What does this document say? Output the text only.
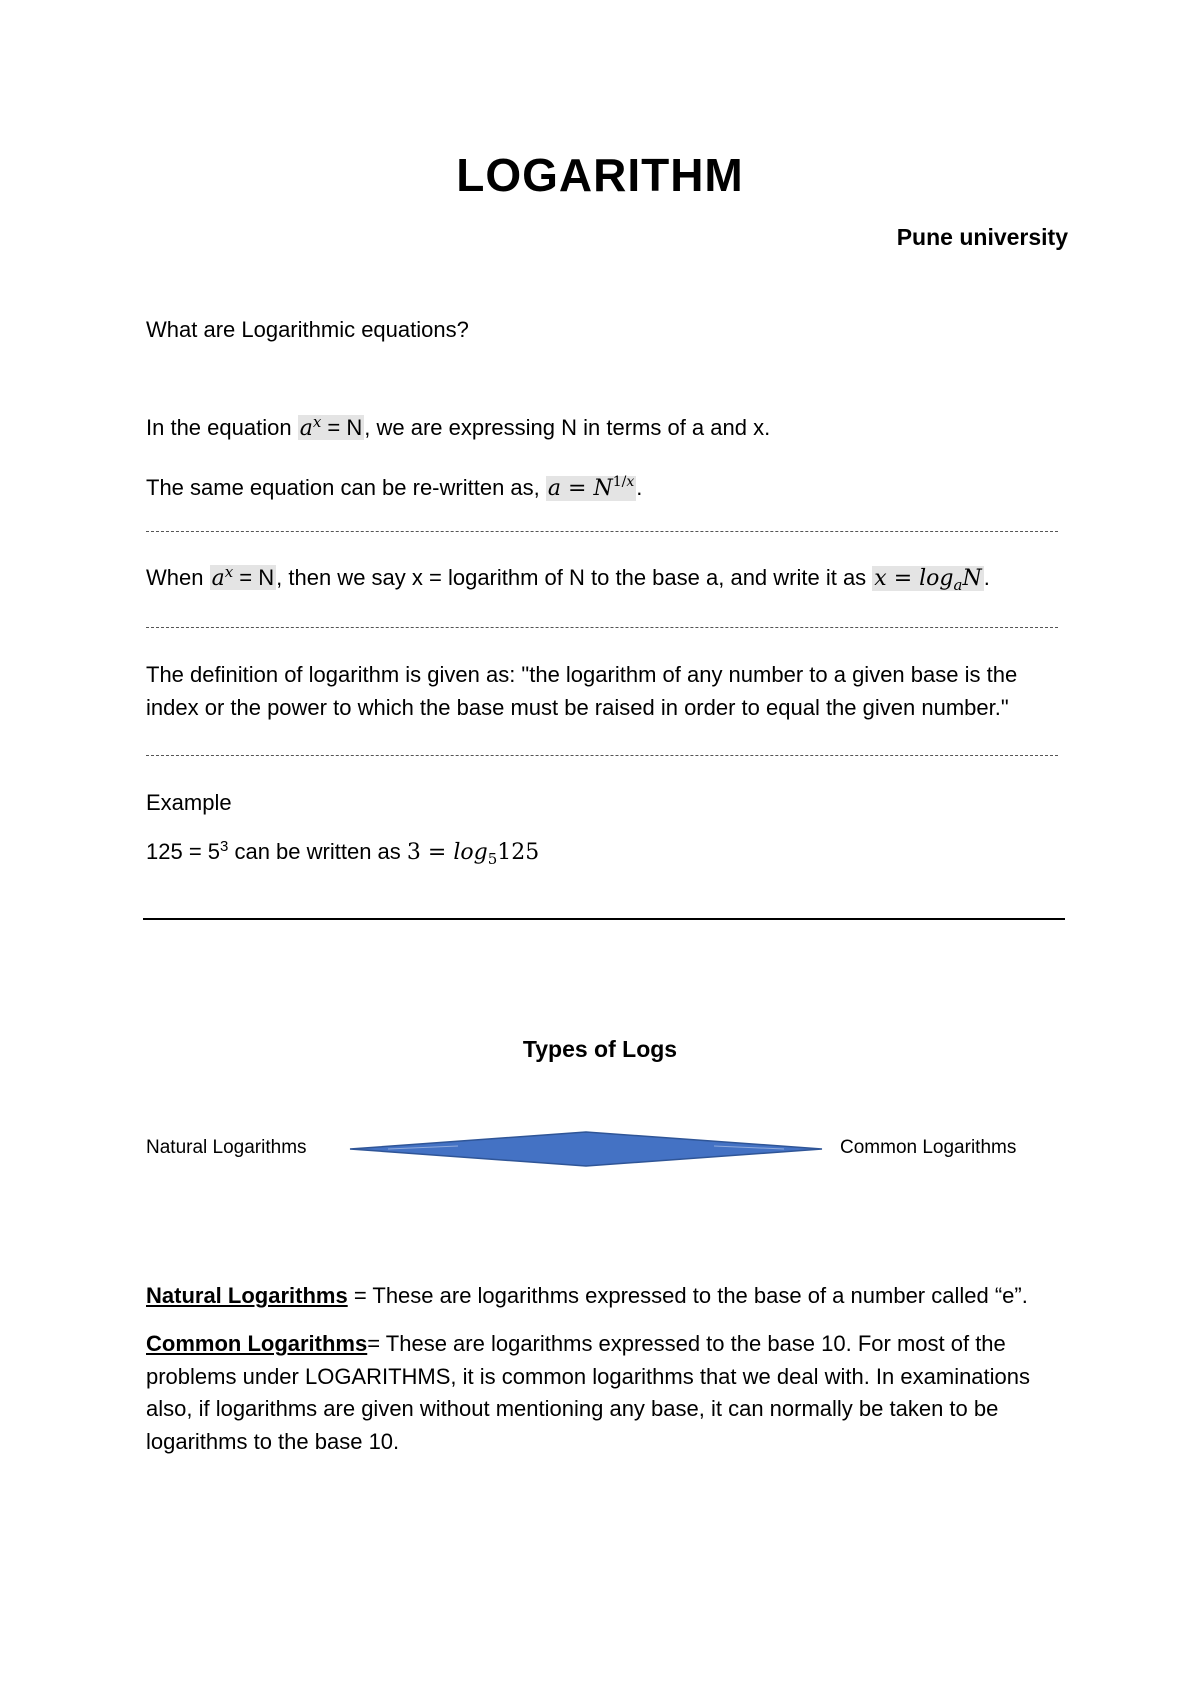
LOGARITHM
Pune university
What are Logarithmic equations?
In the equation $a^x = N$, we are expressing N in terms of a and x.
The same equation can be re-written as, $a = N^{1/x}$.
When $a^x = N$, then we say x = logarithm of N to the base a, and write it as $x = \log_aN$.
The definition of logarithm is given as: "the logarithm of any number to a given base is the index or the power to which the base must be raised in order to equal the given number."
Example
$125 = 5^3$ can be written as $3 = \log_5125$
Types of Logs
Natural Logarithms	Common Logarithms
Natural Logarithms = These are logarithms expressed to the base of a number called “e”.
Common Logarithms= These are logarithms expressed to the base 10. For most of the problems under LOGARITHMS, it is common logarithms that we deal with. In examinations also, if logarithms are given without mentioning any base, it can normally be taken to be logarithms to the base 10.
